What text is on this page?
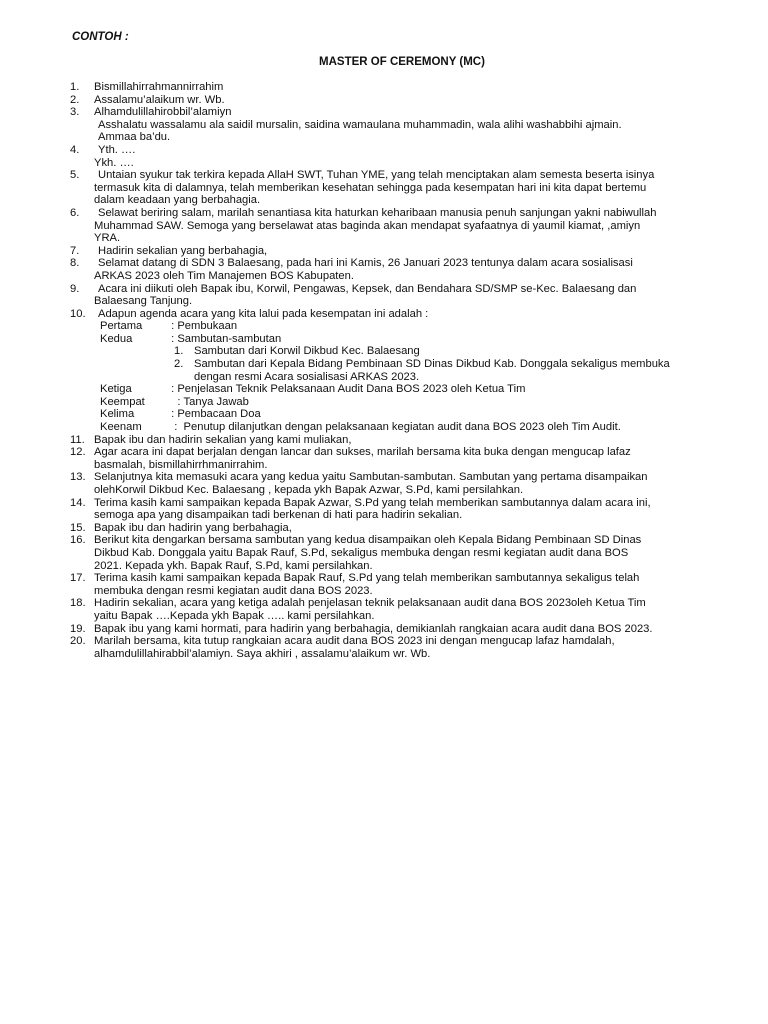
CONTOH :
MASTER OF CEREMONY (MC)
1. Bismillahirrahmannirrahim
2. Assalamu’alaikum wr. Wb.
3. Alhamdulillahirobbil’alamiyn
Asshalatu wassalamu ala saidil mursalin, saidina wamaulana muhammadin, wala alihi washabbihi ajmain.
Ammaa ba’du.
4.	Yth. ….
Ykh. ….
5.	Untaian syukur tak terkira kepada AllaH SWT, Tuhan YME, yang telah menciptakan alam semesta beserta isinya
termasuk kita di dalamnya, telah memberikan kesehatan sehingga pada kesempatan hari ini kita dapat bertemu
dalam keadaan yang berbahagia.
6.	Selawat beriring salam, marilah senantiasa kita haturkan keharibaan manusia penuh sanjungan yakni nabiwullah
Muhammad SAW. Semoga yang berselawat atas baginda akan mendapat syafaatnya di yaumil kiamat, ,amiyn
YRA.
7.	Hadirin sekalian yang berbahagia,
8.	Selamat datang di SDN 3 Balaesang, pada hari ini Kamis, 26 Januari 2023 tentunya dalam acara sosialisasi
ARKAS 2023 oleh Tim Manajemen BOS Kabupaten.
9.	Acara ini diikuti oleh Bapak ibu, Korwil, Pengawas, Kepsek, dan Bendahara SD/SMP se-Kec. Balaesang dan
Balaesang Tanjung.
10.	Adapun agenda acara yang kita lalui pada kesempatan ini adalah :
Pertama	: Pembukaan
Kedua	: Sambutan-sambutan
1. Sambutan dari Korwil Dikbud Kec. Balaesang
2. Sambutan dari Kepala Bidang Pembinaan SD Dinas Dikbud Kab. Donggala sekaligus membuka
dengan resmi Acara sosialisasi ARKAS 2023.
Ketiga	: Penjelasan Teknik Pelaksanaan Audit Dana BOS 2023 oleh Ketua Tim
Keempat	: Tanya Jawab
Kelima	: Pembacaan Doa
Keenam	: Penutup dilanjutkan dengan pelaksanaan kegiatan audit dana BOS 2023 oleh Tim Audit.
11. Bapak ibu dan hadirin sekalian yang kami muliakan,
12. Agar acara ini dapat berjalan dengan lancar dan sukses, marilah bersama kita buka dengan mengucap lafaz
basmalah, bismillahirrhmanirrahim.
13. Selanjutnya kita memasuki acara yang kedua yaitu Sambutan-sambutan. Sambutan yang pertama disampaikan
olehKorwil Dikbud Kec. Balaesang , kepada ykh Bapak Azwar, S.Pd, kami persilahkan.
14. Terima kasih kami sampaikan kepada Bapak Azwar, S.Pd yang telah memberikan sambutannya dalam acara ini,
semoga apa yang disampaikan tadi berkenan di hati para hadirin sekalian.
15. Bapak ibu dan hadirin yang berbahagia,
16. Berikut kita dengarkan bersama sambutan yang kedua disampaikan oleh Kepala Bidang Pembinaan SD Dinas
Dikbud Kab. Donggala yaitu Bapak Rauf, S.Pd, sekaligus membuka dengan resmi kegiatan audit dana BOS
2021. Kepada ykh. Bapak Rauf, S.Pd, kami persilahkan.
17. Terima kasih kami sampaikan kepada Bapak Rauf, S.Pd yang telah memberikan sambutannya sekaligus telah
membuka dengan resmi kegiatan audit dana BOS 2023.
18. Hadirin sekalian, acara yang ketiga adalah penjelasan teknik pelaksanaan audit dana BOS 2023oleh Ketua Tim
yaitu Bapak ….Kepada ykh Bapak ….. kami persilahkan.
19. Bapak ibu yang kami hormati, para hadirin yang berbahagia, demikianlah rangkaian acara audit dana BOS 2023.
20. Marilah bersama, kita tutup rangkaian acara audit dana BOS 2023 ini dengan mengucap lafaz hamdalah,
alhamdulillahirabbil’alamiyn. Saya akhiri , assalamu’alaikum wr. Wb.
